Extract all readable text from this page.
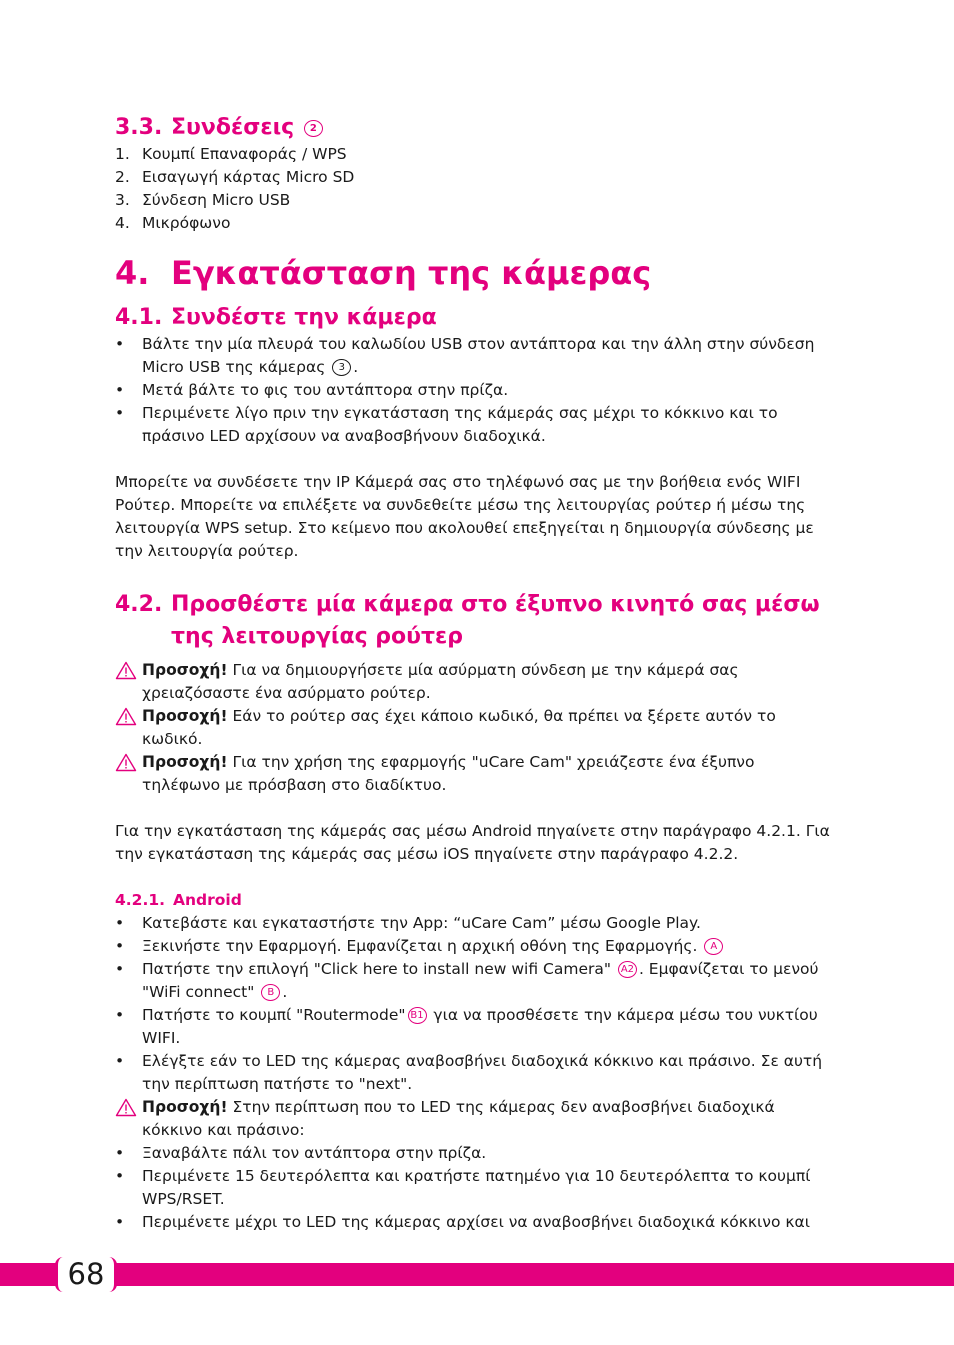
3.3. Συνδέσεις 2
1. Κουμπί Επαναφοράς / WPS
2. Εισαγωγή κάρτας Micro SD
3. Σύνδεση Micro USB
4. Μικρόφωνο
4. Εγκατάσταση της κάμερας
4.1. Συνδέστε την κάμερα
•	Βάλτε την μία πλευρά του καλωδίου USB στον αντάπτορα και την άλλη στην σύνδεση Micro USB της κάμερας 3 .
•	Μετά βάλτε το φις του αντάπτορα στην πρίζα.
•	Περιμένετε λίγο πριν την εγκατάσταση της κάμεράς σας μέχρι το κόκκινο και το πράσινο LED αρχίσουν να αναβοσβήνουν διαδοχικά.
Μπορείτε να συνδέσετε την IP Κάμερά σας στο τηλέφωνό σας με την βοήθεια ενός WIFI Ρούτερ. Μπορείτε να επιλέξετε να συνδεθείτε μέσω της λειτουργίας ρούτερ ή μέσω της λειτουργία WPS setup. Στο κείμενο που ακολουθεί επεξηγείται η δημιουργία σύνδεσης με την λειτουργία ρούτερ.
4.2. Προσθέστε μία κάμερα στο έξυπνο κινητό σας μέσω της λειτουργίας ρούτερ
Προσοχή! Για να δημιουργήσετε μία ασύρματη σύνδεση με την κάμερά σας χρειαζόσαστε ένα ασύρματο ρούτερ.
Προσοχή! Εάν το ρούτερ σας έχει κάποιο κωδικό, θα πρέπει να ξέρετε αυτόν το κωδικό.
Προσοχή! Για την χρήση της εφαρμογής "uCare Cam" χρειάζεστε ένα έξυπνο τηλέφωνο με πρόσβαση στο διαδίκτυο.
Για την εγκατάσταση της κάμεράς σας μέσω Android πηγαίνετε στην παράγραφο 4.2.1. Για την εγκατάσταση της κάμεράς σας μέσω iOS πηγαίνετε στην παράγραφο 4.2.2.
4.2.1. Android
•	Κατεβάστε και εγκαταστήστε την App: “uCare Cam” μέσω Google Play.
•	Ξεκινήστε την Εφαρμογή. Εμφανίζεται η αρχική οθόνη της Εφαρμογής. A
•	Πατήστε την επιλογή "Click here to install new wifi Camera" A2 . Εμφανίζεται το μενού "WiFi connect" B .
•	Πατήστε το κουμπί "Routermode" B1 για να προσθέσετε την κάμερα μέσω του νυκτίου WIFI.
•	Ελέγξτε εάν το LED της κάμερας αναβοσβήνει διαδοχικά κόκκινο και πράσινο. Σε αυτή την περίπτωση πατήστε το "next".
Προσοχή! Στην περίπτωση που το LED της κάμερας δεν αναβοσβήνει διαδοχικά κόκκινο και πράσινο:
•	Ξαναβάλτε πάλι τον αντάπτορα στην πρίζα.
•	Περιμένετε 15 δευτερόλεπτα και κρατήστε πατημένο για 10 δευτερόλεπτα το κουμπί WPS/RSET.
•	Περιμένετε μέχρι το LED της κάμερας αρχίσει να αναβοσβήνει διαδοχικά κόκκινο και
68
